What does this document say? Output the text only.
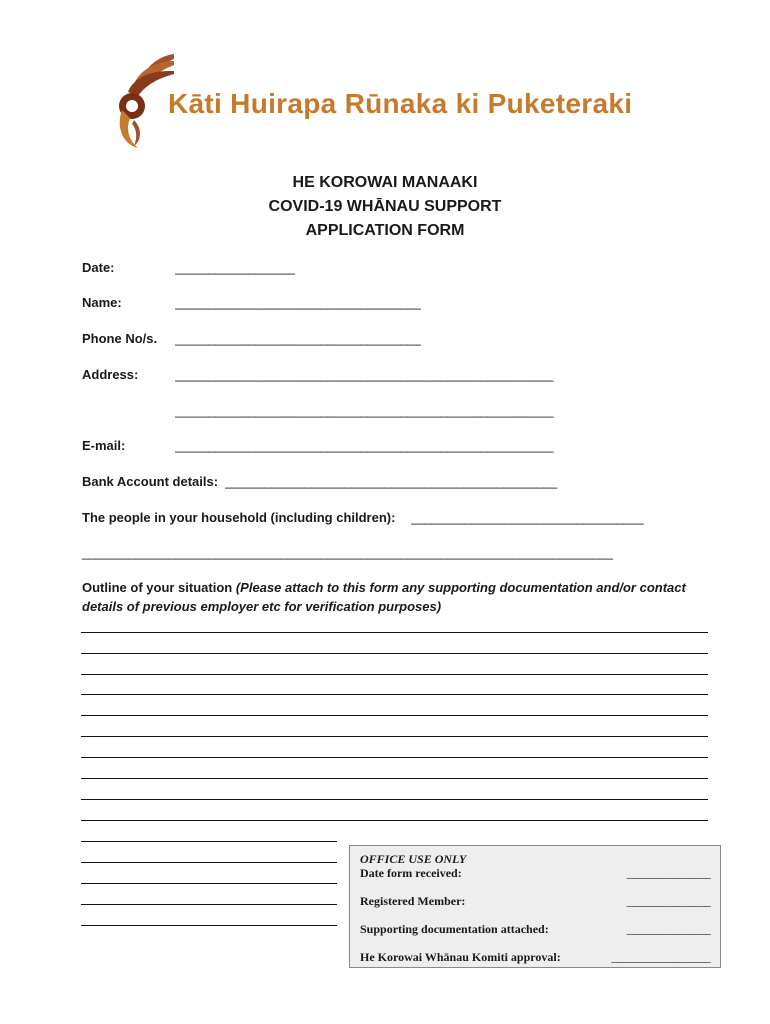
Kāti Huirapa Rūnaka ki Puketeraki
HE KOROWAI MANAAKI
COVID-19 WHĀNAU SUPPORT
APPLICATION FORM
Date:	__________________
Name:	_____________________________________
Phone No/s. _____________________________________
Address:	_________________________________________________________
_________________________________________________________
E-mail:	_________________________________________________________
Bank Account details: __________________________________________________
The people in your household (including children): ___________________________________
________________________________________________________________________________
Outline of your situation (Please attach to this form any supporting documentation and/or contact details of previous employer etc for verification purposes)
OFFICE USE ONLY
Date form received:	________________
Registered Member:	________________
Supporting documentation attached:	________________
He Korowai Whānau Komiti approval:	___________________
